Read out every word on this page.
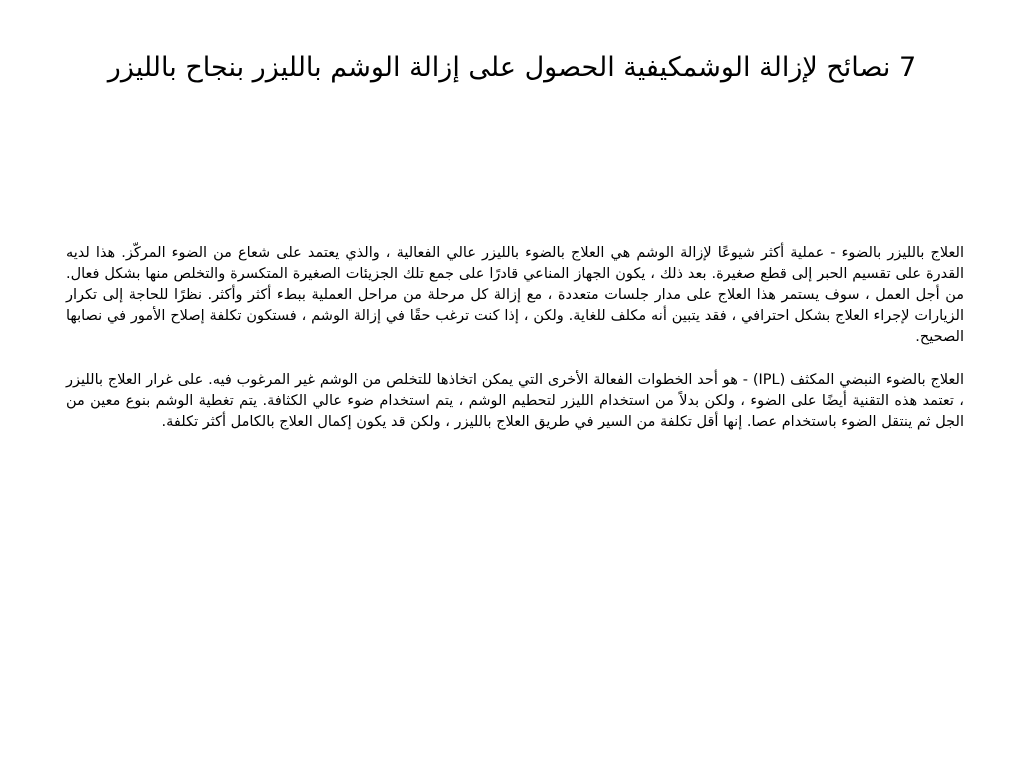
7 نصائح لإزالة الوشمكيفية الحصول على إزالة الوشم بالليزر بنجاح بالليزر

العلاج بالليزر بالضوء - عملية أكثر شيوعًا لإزالة الوشم هي العلاج بالضوء بالليزر عالي الفعالية ، والذي يعتمد على شعاع من الضوء المركّز. هذا لديه القدرة على تقسيم الحبر إلى قطع صغيرة. بعد ذلك ، يكون الجهاز المناعي قادرًا على جمع تلك الجزيئات الصغيرة المتكسرة والتخلص منها بشكل فعال. من أجل العمل ، سوف يستمر هذا العلاج على مدار جلسات متعددة ، مع إزالة كل مرحلة من مراحل العملية ببطء أكثر وأكثر. نظرًا للحاجة إلى تكرار الزيارات لإجراء العلاج بشكل احترافي ، فقد يتبين أنه مكلف للغاية. ولكن ، إذا كنت ترغب حقًا في إزالة الوشم ، فستكون تكلفة إصلاح الأمور في نصابها الصحيح.

العلاج بالضوء النبضي المكثف (IPL) - هو أحد الخطوات الفعالة الأخرى التي يمكن اتخاذها للتخلص من الوشم غير المرغوب فيه. على غرار العلاج بالليزر ، تعتمد هذه التقنية أيضًا على الضوء ، ولكن بدلاً من استخدام الليزر لتحطيم الوشم ، يتم استخدام ضوء عالي الكثافة. يتم تغطية الوشم بنوع معين من الجل ثم ينتقل الضوء باستخدام عصا. إنها أقل تكلفة من السير في طريق العلاج بالليزر ، ولكن قد يكون إكمال العلاج بالكامل أكثر تكلفة.
